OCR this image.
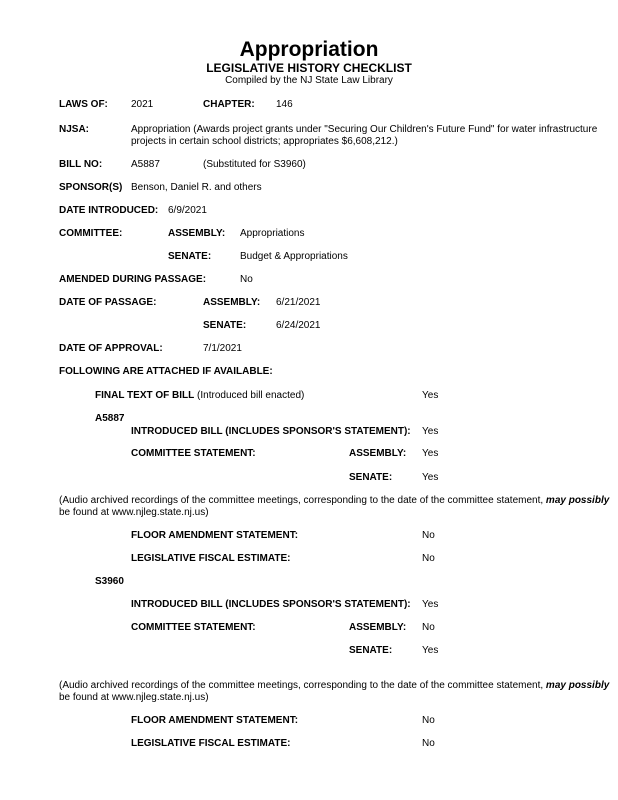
Appropriation
LEGISLATIVE HISTORY CHECKLIST
Compiled by the NJ State Law Library
LAWS OF: 2021	CHAPTER: 146
NJSA:	Appropriation (Awards project grants under "Securing Our Children's Future Fund" for water infrastructure
projects in certain school districts; appropriates $6,608,212.)
BILL NO:	A5887	(Substituted for S3960)
SPONSOR(S) Benson, Daniel R. and others
DATE INTRODUCED: 6/9/2021
COMMITTEE:	ASSEMBLY: Appropriations
SENATE:	Budget & Appropriations
AMENDED DURING PASSAGE:	No
DATE OF PASSAGE:	ASSEMBLY: 6/21/2021
SENATE:	6/24/2021
DATE OF APPROVAL:	7/1/2021
FOLLOWING ARE ATTACHED IF AVAILABLE:
FINAL TEXT OF BILL (Introduced bill enacted)	Yes
A5887
INTRODUCED BILL (INCLUDES SPONSOR'S STATEMENT): Yes
COMMITTEE STATEMENT:	ASSEMBLY: Yes
SENATE:	Yes
(Audio archived recordings of the committee meetings, corresponding to the date of the committee statement, may possibly
be found at www.njleg.state.nj.us)
FLOOR AMENDMENT STATEMENT:	No
LEGISLATIVE FISCAL ESTIMATE:	No
S3960
INTRODUCED BILL (INCLUDES SPONSOR'S STATEMENT): Yes
COMMITTEE STATEMENT:	ASSEMBLY: No
SENATE:	Yes
(Audio archived recordings of the committee meetings, corresponding to the date of the committee statement, may possibly
be found at www.njleg.state.nj.us)
FLOOR AMENDMENT STATEMENT:	No
LEGISLATIVE FISCAL ESTIMATE:	No
